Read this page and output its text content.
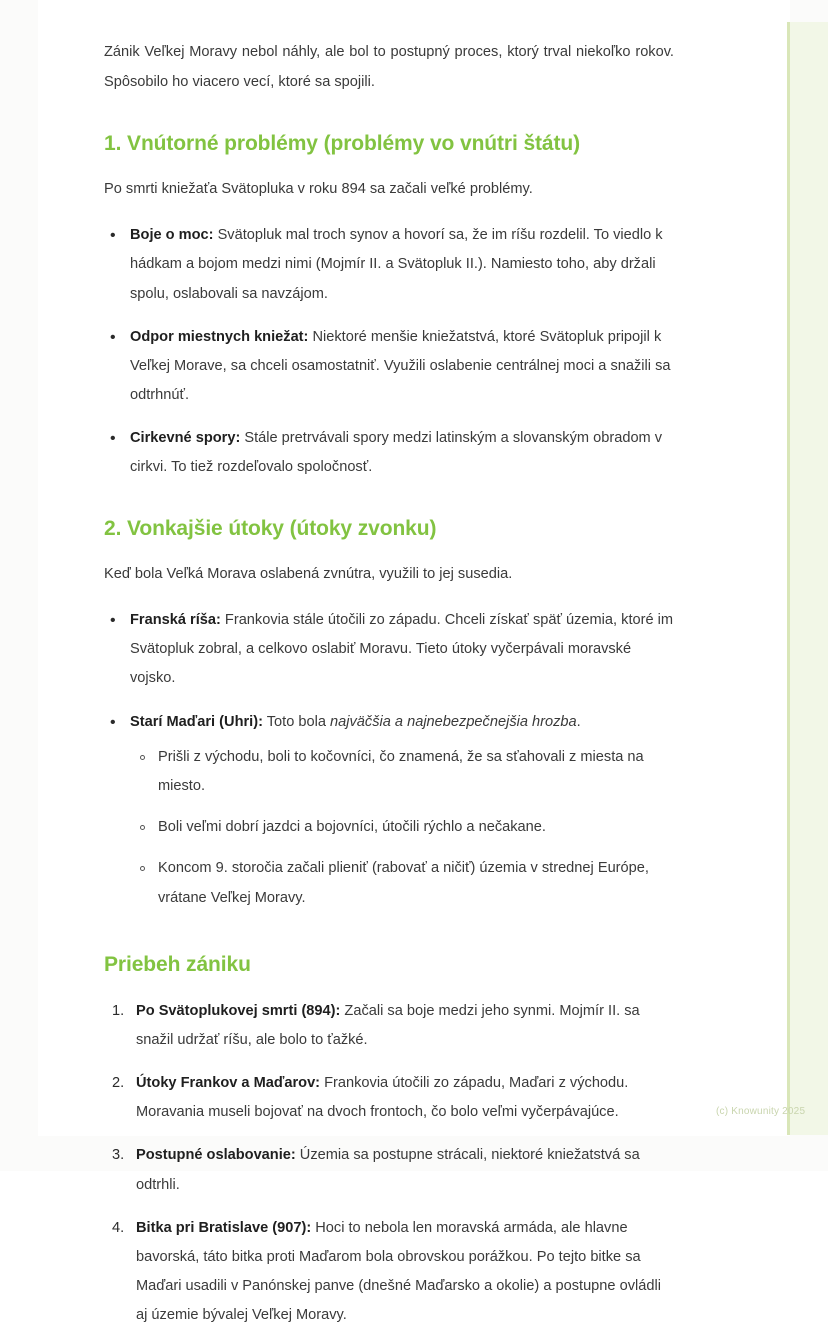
Zánik Veľkej Moravy nebol náhly, ale bol to postupný proces, ktorý trval niekoľko rokov. Spôsobilo ho viacero vecí, ktoré sa spojili.

1. Vnútorné problémy (problémy vo vnútri štátu)

Po smrti kniežaťa Svätopluka v roku 894 sa začali veľké problémy.

• Boje o moc: Svätopluk mal troch synov a hovorí sa, že im ríšu rozdelil. To viedlo k hádkam a bojom medzi nimi (Mojmír II. a Svätopluk II.). Namiesto toho, aby držali spolu, oslabovali sa navzájom.
• Odpor miestnych kniežat: Niektoré menšie kniežatstvá, ktoré Svätopluk pripojil k Veľkej Morave, sa chceli osamostatniť. Využili oslabenie centrálnej moci a snažili sa odtrhnúť.
• Cirkevné spory: Stále pretrvávali spory medzi latinským a slovanským obradom v cirkvi. To tiež rozdeľovalo spoločnosť.
2. Vonkajšie útoky (útoky zvonku)

Keď bola Veľká Morava oslabená zvnútra, využili to jej susedia.

• Franská ríša: Frankovia stále útočili zo západu. Chceli získať späť územia, ktoré im Svätopluk zobral, a celkovo oslabiť Moravu. Tieto útoky vyčerpávali moravské vojsko.
• Starí Maďari (Uhri): Toto bola najväčšia a najnebezpečnejšia hrozba.
Prišli z východu, boli to kočovníci, čo znamená, že sa sťahovali z miesta na miesto.
Boli veľmi dobrí jazdci a bojovníci, útočili rýchlo a nečakane.
Koncom 9. storočia začali plieniť (rabovať a ničiť) územia v strednej Európe, vrátane Veľkej Moravy.
Priebeh zániku
Po Svätoplukovej smrti (894): Začali sa boje medzi jeho synmi. Mojmír II. sa snažil udržať ríšu, ale bolo to ťažké.
Útoky Frankov a Maďarov: Frankovia útočili zo západu, Maďari z východu. Moravania museli bojovať na dvoch frontoch, čo bolo veľmi vyčerpávajúce.
Postupné oslabovanie: Územia sa postupne strácali, niektoré kniežatstvá sa odtrhli.
Bitka pri Bratislave (907): Hoci to nebola len moravská armáda, ale hlavne bavorská, táto bitka proti Maďarom bola obrovskou porážkou. Po tejto bitke sa Maďari usadili v Panónskej panve (dnešné Maďarsko a okolie) a postupne ovládli aj územie bývalej Veľkej Moravy.
(c) Knowunity 2025
